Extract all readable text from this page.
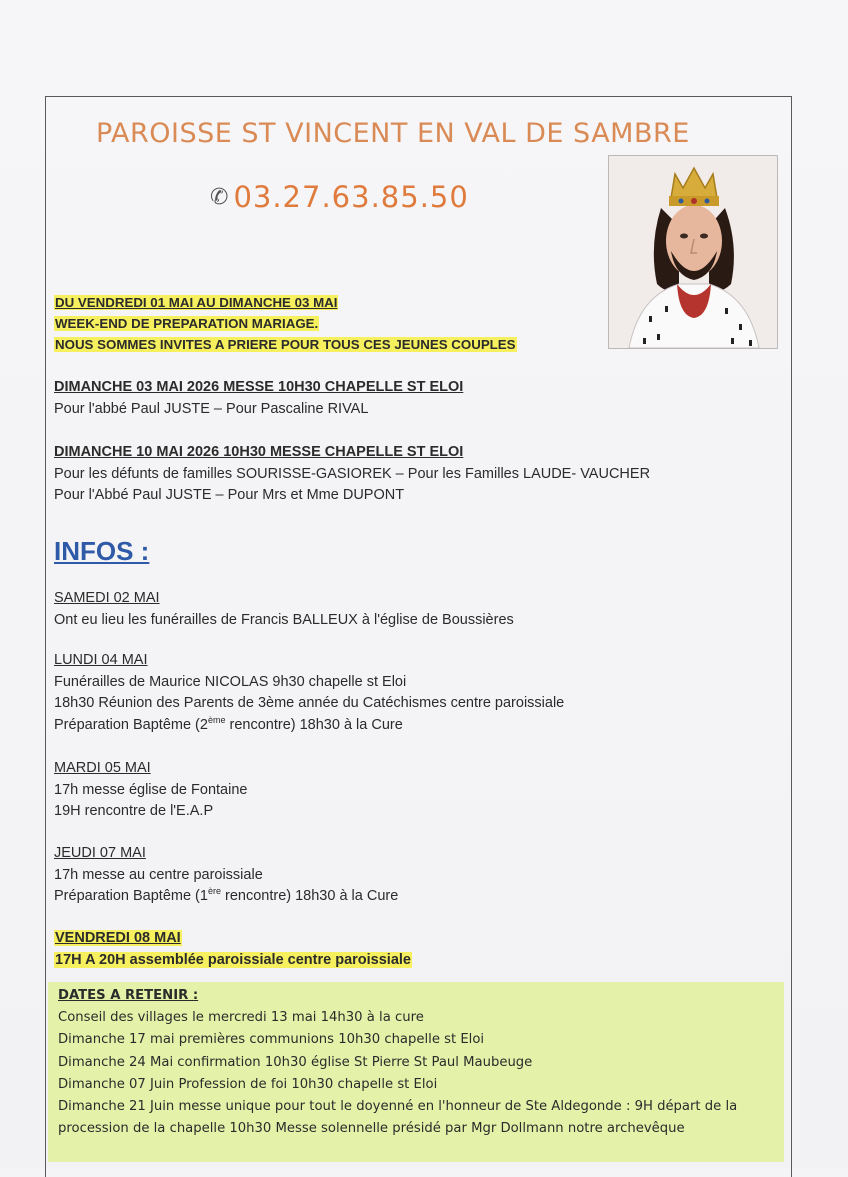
PAROISSE ST VINCENT EN VAL DE SAMBRE
✆ 03.27.63.85.50
DU VENDREDI 01 MAI AU DIMANCHE 03 MAI
WEEK-END DE PREPARATION MARIAGE.
NOUS SOMMES INVITES A PRIERE POUR TOUS CES JEUNES COUPLES
DIMANCHE 03 MAI 2026 MESSE 10H30 CHAPELLE ST ELOI
Pour l'abbé Paul JUSTE – Pour Pascaline RIVAL
DIMANCHE 10 MAI 2026 10H30 MESSE CHAPELLE ST ELOI
Pour les défunts de familles SOURISSE-GASIOREK – Pour les Familles LAUDE- VAUCHER
Pour l'Abbé Paul JUSTE – Pour Mrs et Mme DUPONT
INFOS :
SAMEDI 02 MAI
Ont eu lieu les funérailles de Francis BALLEUX à l'église de Boussières
LUNDI 04 MAI
Funérailles de Maurice NICOLAS 9h30 chapelle st Eloi
18h30 Réunion des Parents de 3ème année du Catéchismes centre paroissiale
Préparation Baptême (2ème rencontre) 18h30 à la Cure
MARDI 05 MAI
17h messe église de Fontaine
19H rencontre de l'E.A.P
JEUDI 07 MAI
17h messe au centre paroissiale
Préparation Baptême (1ère rencontre) 18h30 à la Cure
VENDREDI 08 MAI
17H A 20H assemblée paroissiale centre paroissiale
DATES A RETENIR :
Conseil des villages le mercredi 13 mai 14h30 à la cure
Dimanche 17 mai premières communions 10h30 chapelle st Eloi
Dimanche 24 Mai confirmation 10h30 église St Pierre St Paul Maubeuge
Dimanche 07 Juin Profession de foi 10h30 chapelle st Eloi
Dimanche 21 Juin messe unique pour tout le doyenné en l'honneur de Ste Aldegonde : 9H départ de la
procession de la chapelle 10h30 Messe solennelle présidé par Mgr Dollmann notre archevêque
